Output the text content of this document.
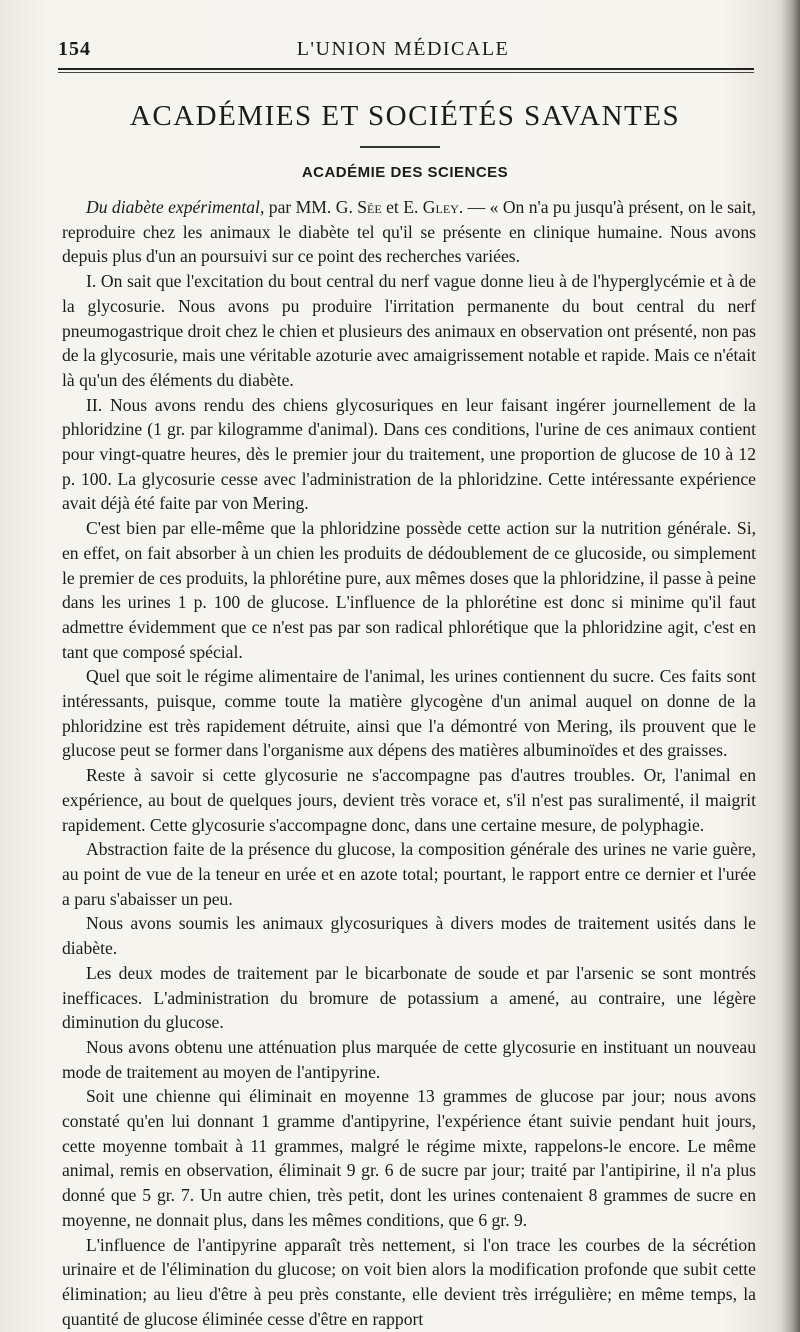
154	L'UNION MÉDICALE
ACADÉMIES ET SOCIÉTÉS SAVANTES
ACADÉMIE DES SCIENCES

Du diabète expérimental, par MM. G. Sée et E. Gley. — « On n'a pu jusqu'à présent, on le sait, reproduire chez les animaux le diabète tel qu'il se présente en clinique humaine. Nous avons depuis plus d'un an poursuivi sur ce point des recherches variées.

I. On sait que l'excitation du bout central du nerf vague donne lieu à de l'hyperglycémie et à de la glycosurie. Nous avons pu produire l'irritation permanente du bout central du nerf pneumogastrique droit chez le chien et plusieurs des animaux en observation ont présenté, non pas de la glycosurie, mais une véritable azoturie avec amaigrissement notable et rapide. Mais ce n'était là qu'un des éléments du diabète.

II. Nous avons rendu des chiens glycosuriques en leur faisant ingérer journellement de la phloridzine (1 gr. par kilogramme d'animal). Dans ces conditions, l'urine de ces animaux contient pour vingt-quatre heures, dès le premier jour du traitement, une proportion de glucose de 10 à 12 p. 100. La glycosurie cesse avec l'administration de la phloridzine. Cette intéressante expérience avait déjà été faite par von Mering.

C'est bien par elle-même que la phloridzine possède cette action sur la nutrition générale. Si, en effet, on fait absorber à un chien les produits de dédoublement de ce glucoside, ou simplement le premier de ces produits, la phlorétine pure, aux mêmes doses que la phloridzine, il passe à peine dans les urines 1 p. 100 de glucose. L'influence de la phlorétine est donc si minime qu'il faut admettre évidemment que ce n'est pas par son radical phlorétique que la phloridzine agit, c'est en tant que composé spécial.

Quel que soit le régime alimentaire de l'animal, les urines contiennent du sucre. Ces faits sont intéressants, puisque, comme toute la matière glycogène d'un animal auquel on donne de la phloridzine est très rapidement détruite, ainsi que l'a démontré von Mering, ils prouvent que le glucose peut se former dans l'organisme aux dépens des matières albuminoïdes et des graisses.

Reste à savoir si cette glycosurie ne s'accompagne pas d'autres troubles. Or, l'animal en expérience, au bout de quelques jours, devient très vorace et, s'il n'est pas suralimenté, il maigrit rapidement. Cette glycosurie s'accompagne donc, dans une certaine mesure, de polyphagie.

Abstraction faite de la présence du glucose, la composition générale des urines ne varie guère, au point de vue de la teneur en urée et en azote total; pourtant, le rapport entre ce dernier et l'urée a paru s'abaisser un peu.

Nous avons soumis les animaux glycosuriques à divers modes de traitement usités dans le diabète.

Les deux modes de traitement par le bicarbonate de soude et par l'arsenic se sont montrés inefficaces. L'administration du bromure de potassium a amené, au contraire, une légère diminution du glucose.

Nous avons obtenu une atténuation plus marquée de cette glycosurie en instituant un nouveau mode de traitement au moyen de l'antipyrine.

Soit une chienne qui éliminait en moyenne 13 grammes de glucose par jour; nous avons constaté qu'en lui donnant 1 gramme d'antipyrine, l'expérience étant suivie pendant huit jours, cette moyenne tombait à 11 grammes, malgré le régime mixte, rappelons-le encore. Le même animal, remis en observation, éliminait 9 gr. 6 de sucre par jour; traité par l'antipirine, il n'a plus donné que 5 gr. 7. Un autre chien, très petit, dont les urines contenaient 8 grammes de sucre en moyenne, ne donnait plus, dans les mêmes conditions, que 6 gr. 9.

L'influence de l'antipyrine apparaît très nettement, si l'on trace les courbes de la sécrétion urinaire et de l'élimination du glucose; on voit bien alors la modification profonde que subit cette élimination; au lieu d'être à peu près constante, elle devient très irrégulière; en même temps, la quantité de glucose éliminée cesse d'être en rapport
